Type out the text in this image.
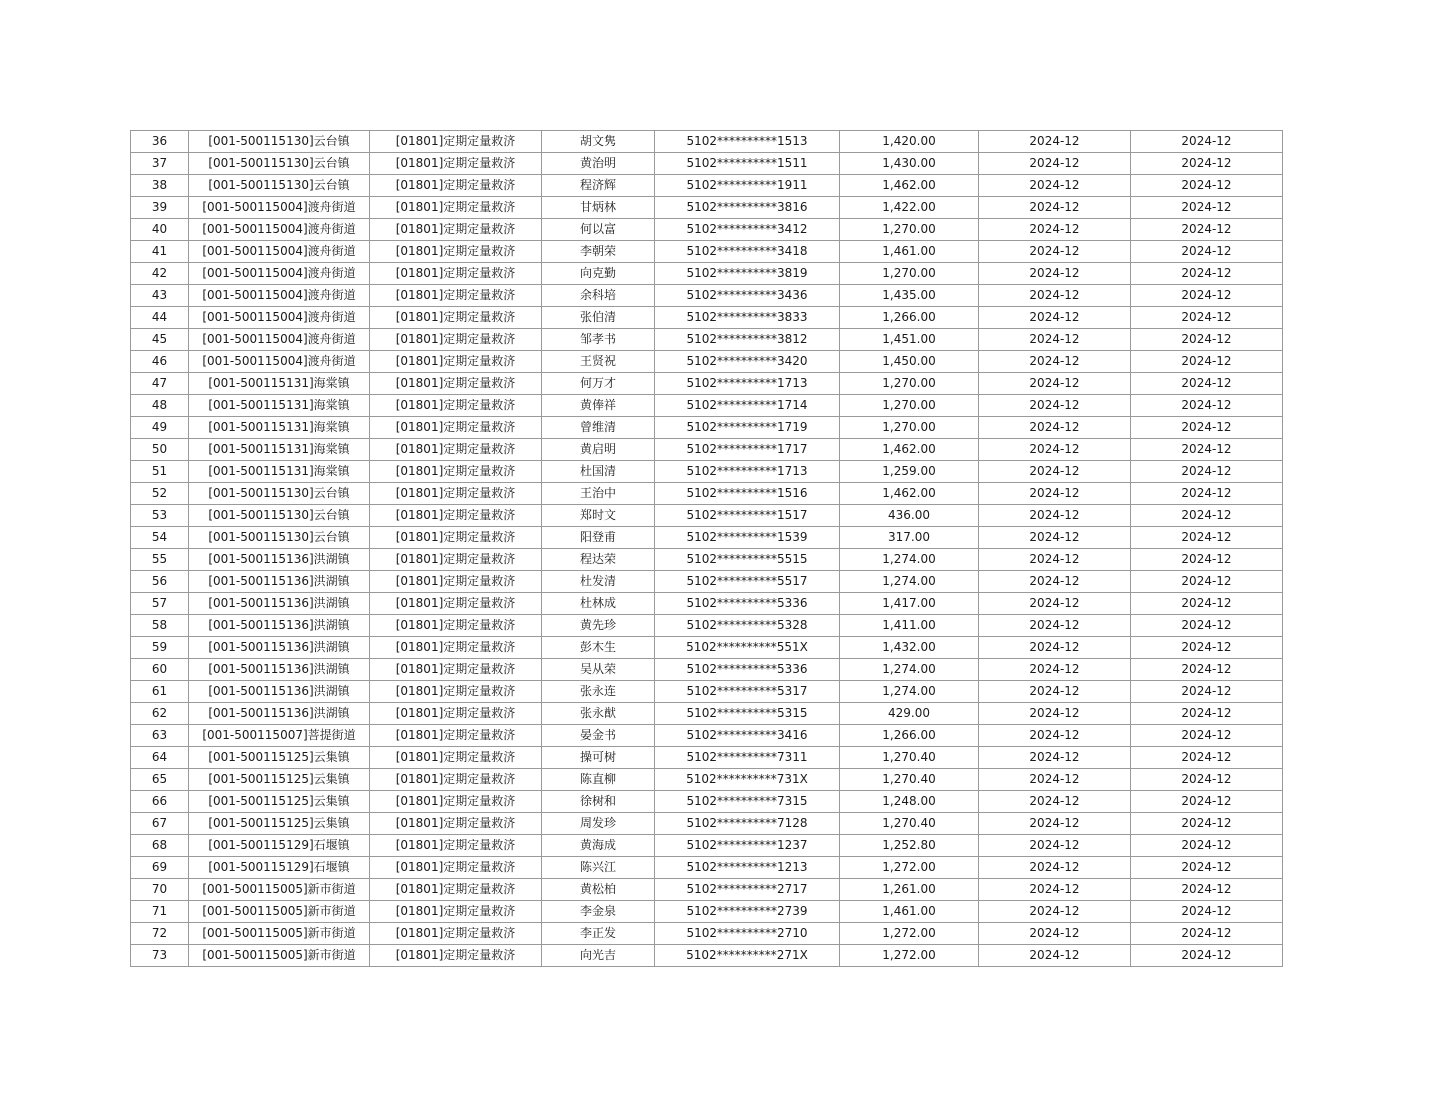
36	[001-500115130]云台镇	[01801]定期定量救济	胡文隽	5102**********1513	1,420.00	2024-12	2024-12
37	[001-500115130]云台镇	[01801]定期定量救济	黄治明	5102**********1511	1,430.00	2024-12	2024-12
38	[001-500115130]云台镇	[01801]定期定量救济	程济辉	5102**********1911	1,462.00	2024-12	2024-12
39	[001-500115004]渡舟街道	[01801]定期定量救济	甘炳林	5102**********3816	1,422.00	2024-12	2024-12
40	[001-500115004]渡舟街道	[01801]定期定量救济	何以富	5102**********3412	1,270.00	2024-12	2024-12
41	[001-500115004]渡舟街道	[01801]定期定量救济	李朝荣	5102**********3418	1,461.00	2024-12	2024-12
42	[001-500115004]渡舟街道	[01801]定期定量救济	向克勤	5102**********3819	1,270.00	2024-12	2024-12
43	[001-500115004]渡舟街道	[01801]定期定量救济	余科培	5102**********3436	1,435.00	2024-12	2024-12
44	[001-500115004]渡舟街道	[01801]定期定量救济	张伯清	5102**********3833	1,266.00	2024-12	2024-12
45	[001-500115004]渡舟街道	[01801]定期定量救济	邹孝书	5102**********3812	1,451.00	2024-12	2024-12
46	[001-500115004]渡舟街道	[01801]定期定量救济	王贤祝	5102**********3420	1,450.00	2024-12	2024-12
47	[001-500115131]海棠镇	[01801]定期定量救济	何万才	5102**********1713	1,270.00	2024-12	2024-12
48	[001-500115131]海棠镇	[01801]定期定量救济	黄俸祥	5102**********1714	1,270.00	2024-12	2024-12
49	[001-500115131]海棠镇	[01801]定期定量救济	曾维清	5102**********1719	1,270.00	2024-12	2024-12
50	[001-500115131]海棠镇	[01801]定期定量救济	黄启明	5102**********1717	1,462.00	2024-12	2024-12
51	[001-500115131]海棠镇	[01801]定期定量救济	杜国清	5102**********1713	1,259.00	2024-12	2024-12
52	[001-500115130]云台镇	[01801]定期定量救济	王治中	5102**********1516	1,462.00	2024-12	2024-12
53	[001-500115130]云台镇	[01801]定期定量救济	郑时文	5102**********1517	436.00	2024-12	2024-12
54	[001-500115130]云台镇	[01801]定期定量救济	阳登甫	5102**********1539	317.00	2024-12	2024-12
55	[001-500115136]洪湖镇	[01801]定期定量救济	程达荣	5102**********5515	1,274.00	2024-12	2024-12
56	[001-500115136]洪湖镇	[01801]定期定量救济	杜发清	5102**********5517	1,274.00	2024-12	2024-12
57	[001-500115136]洪湖镇	[01801]定期定量救济	杜林成	5102**********5336	1,417.00	2024-12	2024-12
58	[001-500115136]洪湖镇	[01801]定期定量救济	黄先珍	5102**********5328	1,411.00	2024-12	2024-12
59	[001-500115136]洪湖镇	[01801]定期定量救济	彭木生	5102**********551X	1,432.00	2024-12	2024-12
60	[001-500115136]洪湖镇	[01801]定期定量救济	吴从荣	5102**********5336	1,274.00	2024-12	2024-12
61	[001-500115136]洪湖镇	[01801]定期定量救济	张永连	5102**********5317	1,274.00	2024-12	2024-12
62	[001-500115136]洪湖镇	[01801]定期定量救济	张永猷	5102**********5315	429.00	2024-12	2024-12
63	[001-500115007]菩提街道	[01801]定期定量救济	晏金书	5102**********3416	1,266.00	2024-12	2024-12
64	[001-500115125]云集镇	[01801]定期定量救济	操可树	5102**********7311	1,270.40	2024-12	2024-12
65	[001-500115125]云集镇	[01801]定期定量救济	陈直柳	5102**********731X	1,270.40	2024-12	2024-12
66	[001-500115125]云集镇	[01801]定期定量救济	徐树和	5102**********7315	1,248.00	2024-12	2024-12
67	[001-500115125]云集镇	[01801]定期定量救济	周发珍	5102**********7128	1,270.40	2024-12	2024-12
68	[001-500115129]石堰镇	[01801]定期定量救济	黄海成	5102**********1237	1,252.80	2024-12	2024-12
69	[001-500115129]石堰镇	[01801]定期定量救济	陈兴江	5102**********1213	1,272.00	2024-12	2024-12
70	[001-500115005]新市街道	[01801]定期定量救济	黄松柏	5102**********2717	1,261.00	2024-12	2024-12
71	[001-500115005]新市街道	[01801]定期定量救济	李金泉	5102**********2739	1,461.00	2024-12	2024-12
72	[001-500115005]新市街道	[01801]定期定量救济	李正发	5102**********2710	1,272.00	2024-12	2024-12
73	[001-500115005]新市街道	[01801]定期定量救济	向光吉	5102**********271X	1,272.00	2024-12	2024-12
